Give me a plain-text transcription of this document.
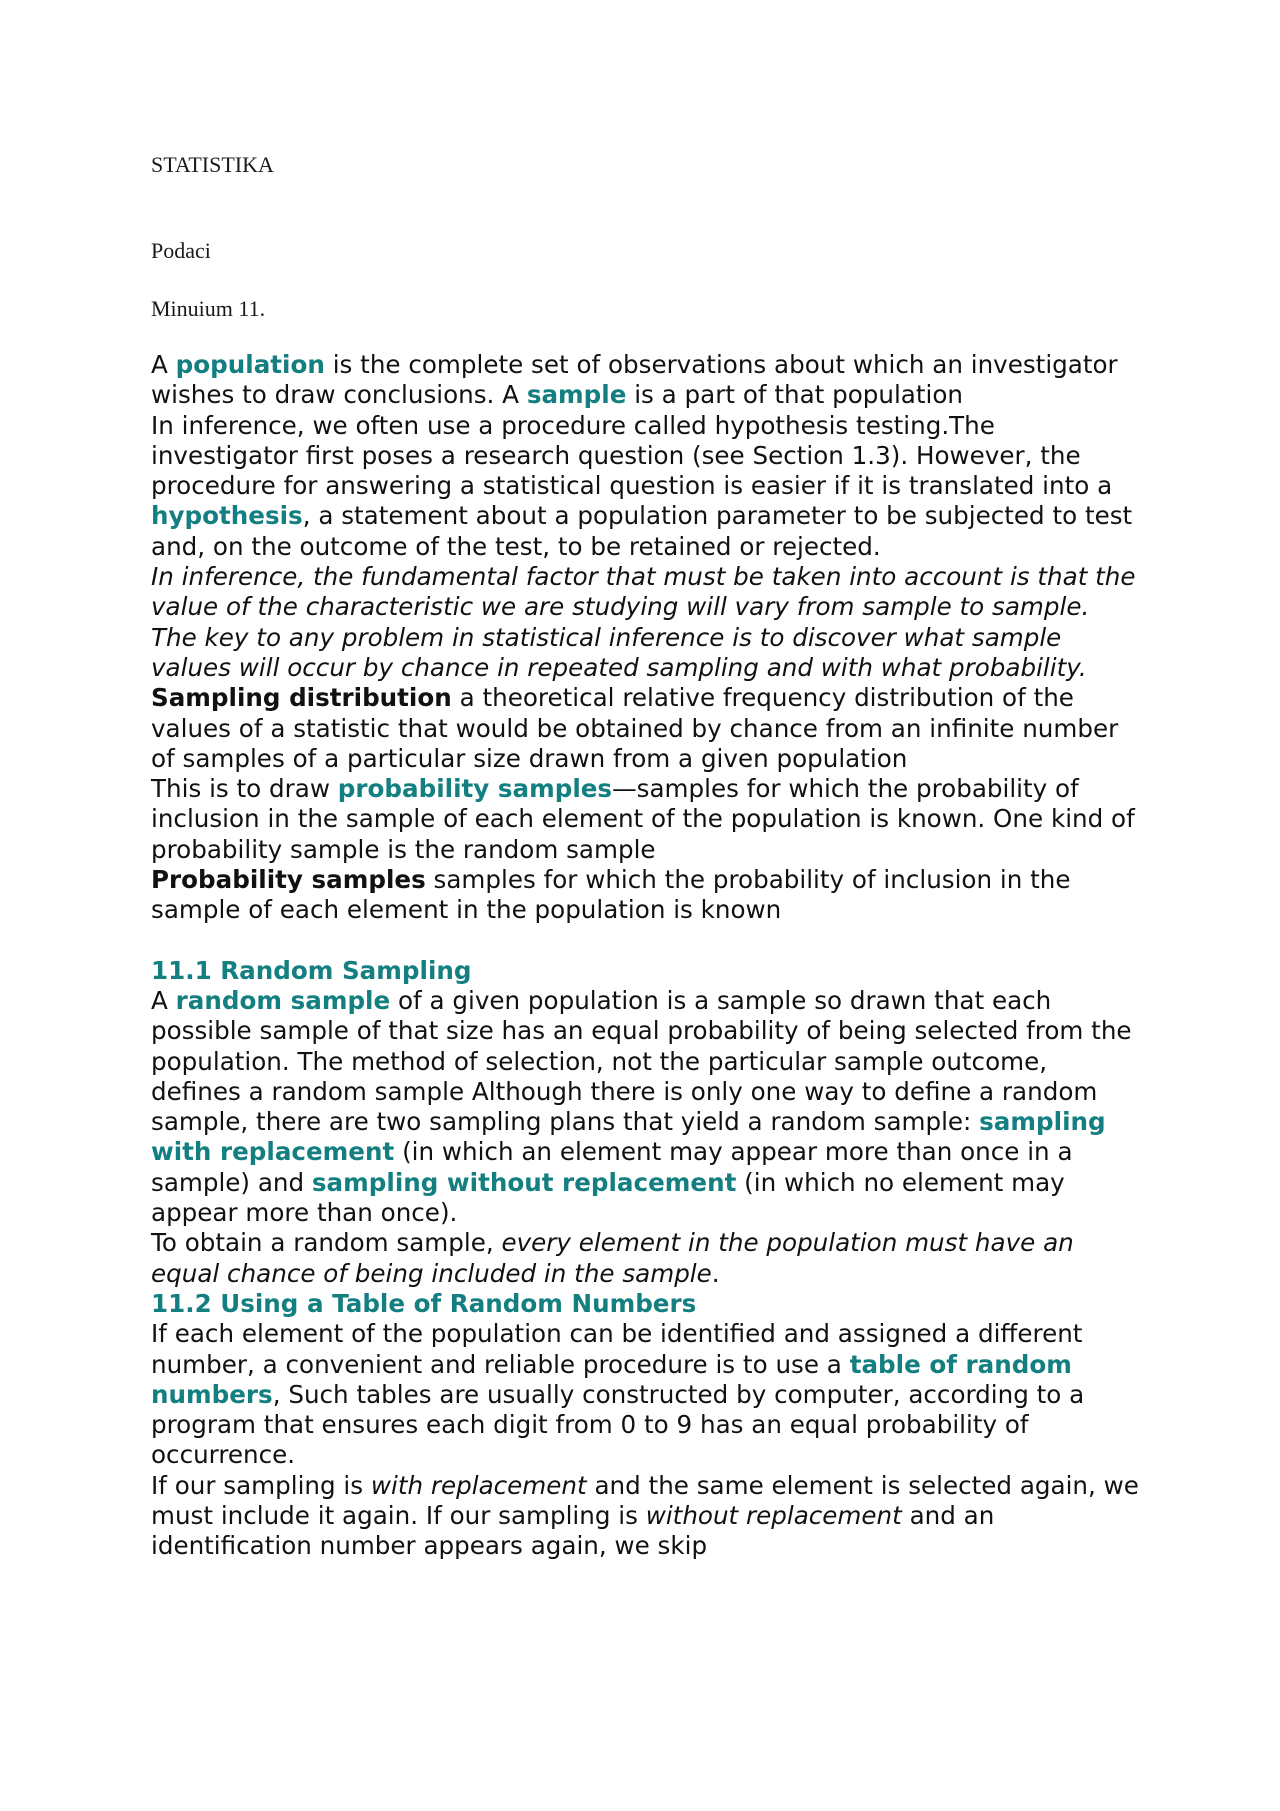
STATISTIKA
Podaci
Minuium 11.

A population is the complete set of observations about which an investigator wishes to draw conclusions. A sample is a part of that population

In inference, we often use a procedure called hypothesis testing.The investigator first poses a research question (see Section 1.3). However, the procedure for answering a statistical question is easier if it is translated into a hypothesis, a statement about a population parameter to be subjected to test and, on the outcome of the test, to be retained or rejected.

In inference, the fundamental factor that must be taken into account is that the value of the characteristic we are studying will vary from sample to sample. The key to any problem in statistical inference is to discover what sample values will occur by chance in repeated sampling and with what probability.

Sampling distribution a theoretical relative frequency distribution of the values of a statistic that would be obtained by chance from an infinite number of samples of a particular size drawn from a given population

This is to draw probability samples—samples for which the probability of inclusion in the sample of each element of the population is known. One kind of probability sample is the random sample

Probability samples samples for which the probability of inclusion in the sample of each element in the population is known

11.1 Random Sampling

A random sample of a given population is a sample so drawn that each possible sample of that size has an equal probability of being selected from the population. The method of selection, not the particular sample outcome, defines a random sample Although there is only one way to define a random sample, there are two sampling plans that yield a random sample: sampling with replacement (in which an element may appear more than once in a sample) and sampling without replacement (in which no element may appear more than once).

To obtain a random sample, every element in the population must have an equal chance of being included in the sample.

11.2 Using a Table of Random Numbers

If each element of the population can be identified and assigned a different number, a convenient and reliable procedure is to use a table of random numbers, Such tables are usually constructed by computer, according to a program that ensures each digit from 0 to 9 has an equal probability of occurrence.

If our sampling is with replacement and the same element is selected again, we must include it again. If our sampling is without replacement and an identification number appears again, we skip
